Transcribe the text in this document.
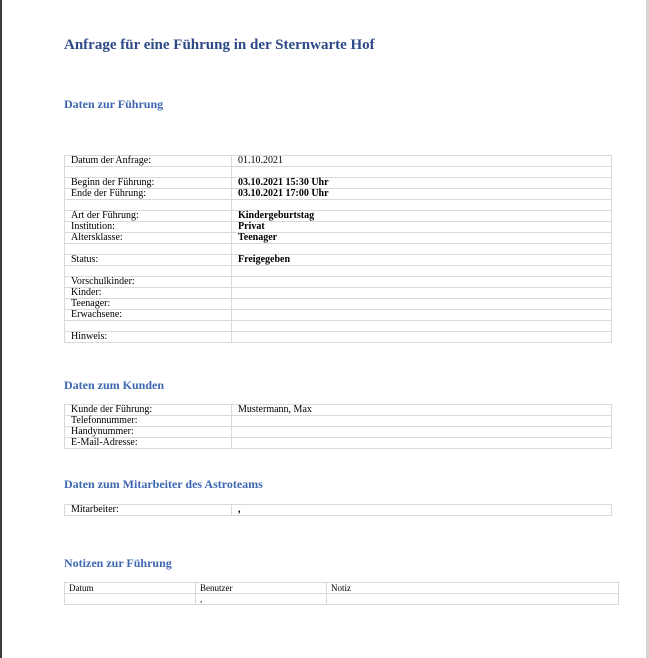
Anfrage für eine Führung in der Sternwarte Hof
Daten zur Führung
Datum der Anfrage:	01.10.2021

Beginn der Führung:	03.10.2021 15:30 Uhr
Ende der Führung:	03.10.2021 17:00 Uhr

Art der Führung:	Kindergeburtstag
Institution:	Privat
Altersklasse:	Teenager

Status:	Freigegeben

Vorschulkinder:	
Kinder:	
Teenager:	
Erwachsene:	

Hinweis:	
Daten zum Kunden
Kunde der Führung:	Mustermann, Max
Telefonnummer:	
Handynummer:	
E-Mail-Adresse:	
Daten zum Mitarbeiter des Astroteams
Mitarbeiter:	,
Notizen zur Führung
Datum	Benutzer	Notiz
	,	
